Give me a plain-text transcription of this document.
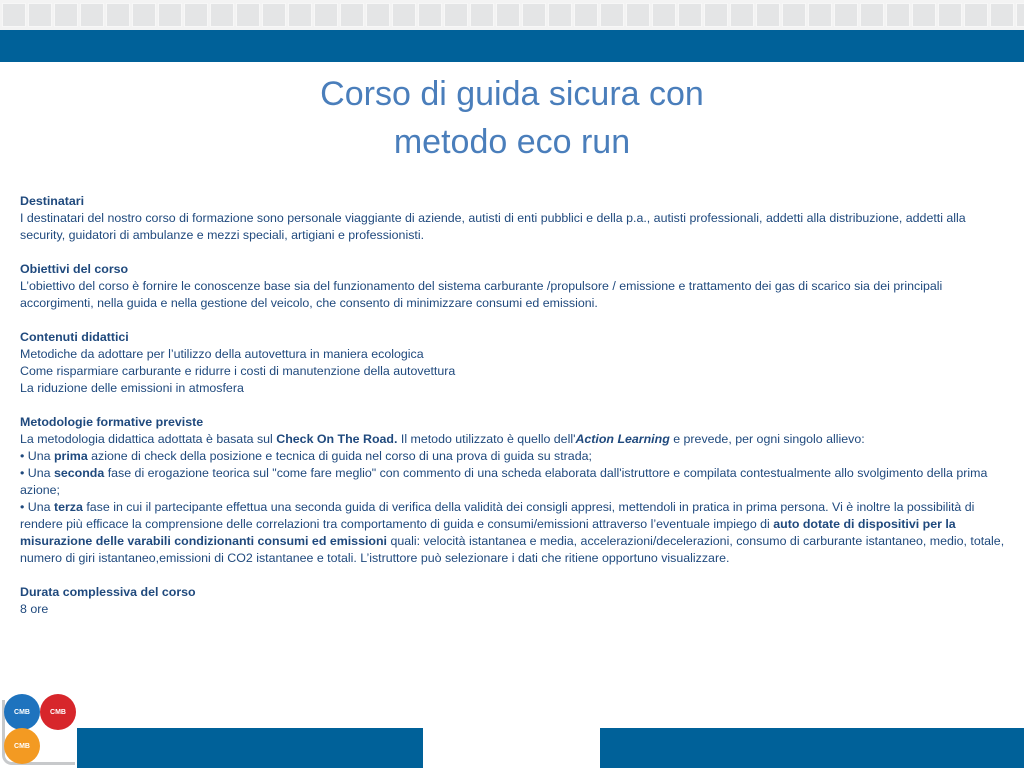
Corso di guida sicura con
metodo eco run
Destinatari

I destinatari del nostro corso di formazione sono personale viaggiante di aziende, autisti di enti pubblici e della p.a., autisti professionali, addetti alla distribuzione, addetti alla security, guidatori di ambulanze e mezzi speciali, artigiani e professionisti.

Obiettivi del corso

L’obiettivo del corso è fornire le conoscenze base sia del funzionamento del sistema carburante /propulsore / emissione e trattamento dei gas di scarico sia dei principali accorgimenti, nella guida e nella gestione del veicolo, che consento di minimizzare consumi ed emissioni.

Contenuti didattici

Metodiche da adottare per l’utilizzo della autovettura in maniera ecologica

Come risparmiare carburante e ridurre i costi di manutenzione della autovettura

La riduzione delle emissioni in atmosfera

Metodologie formative previste

La metodologia didattica adottata è basata sul Check On The Road. Il metodo utilizzato è quello dell'Action Learning e prevede, per ogni singolo allievo:

• Una prima azione di check della posizione e tecnica di guida nel corso di una prova di guida su strada;

• Una seconda fase di erogazione teorica sul "come fare meglio" con commento di una scheda elaborata dall'istruttore e compilata contestualmente allo svolgimento della prima azione;

• Una terza fase in cui il partecipante effettua una seconda guida di verifica della validità dei consigli appresi, mettendoli in pratica in prima persona. Vi è inoltre la possibilità di rendere più efficace la comprensione delle correlazioni tra comportamento di guida e consumi/emissioni attraverso l’eventuale impiego di auto dotate di dispositivi per la misurazione delle varabili condizionanti consumi ed emissioni quali: velocità istantanea e media, accelerazioni/decelerazioni, consumo di carburante istantaneo, medio, totale, numero di giri istantaneo,emissioni di CO2 istantanee e totali. L’istruttore può selezionare i dati che ritiene opportuno visualizzare.

Durata complessiva del corso

8 ore

CMB	CMB
CMB
